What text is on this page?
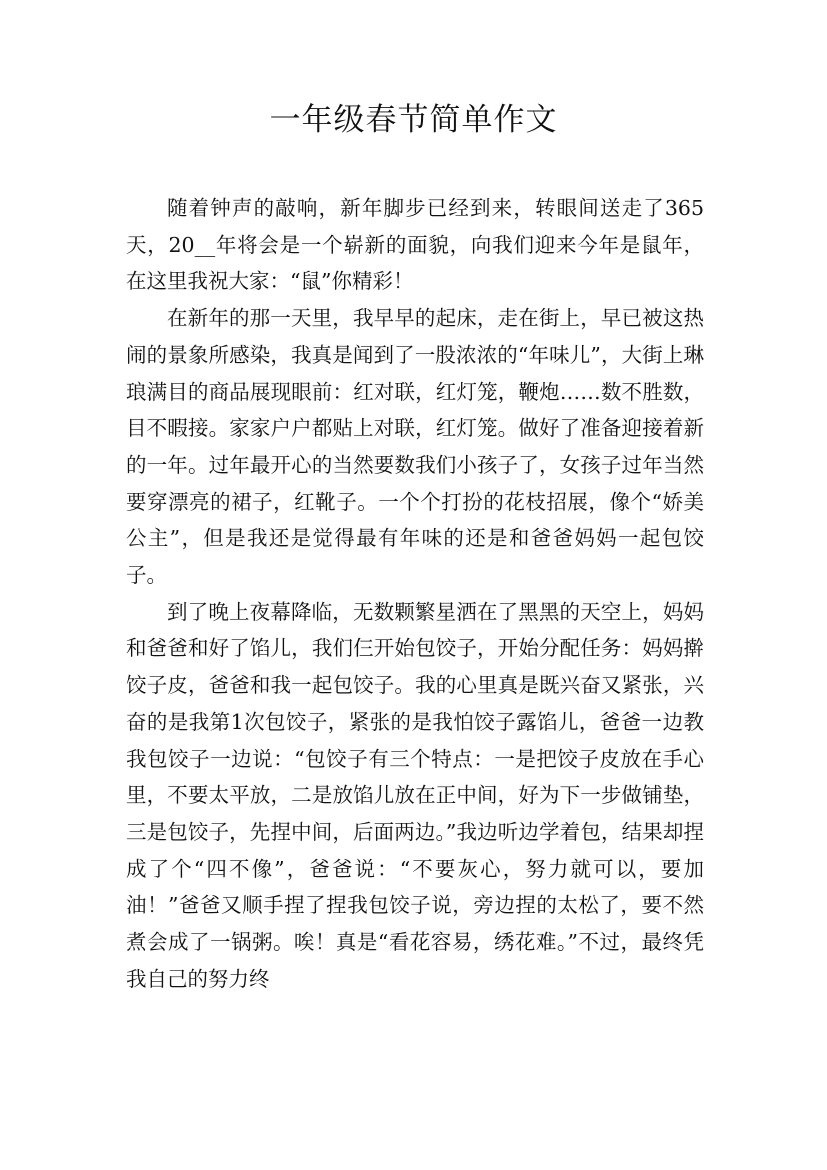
一年级春节简单作文

随着钟声的敲响，新年脚步已经到来，转眼间送走了365天，20__年将会是一个崭新的面貌，向我们迎来今年是鼠年，在这里我祝大家：“鼠”你精彩！

在新年的那一天里，我早早的起床，走在街上，早已被这热闹的景象所感染，我真是闻到了一股浓浓的“年味儿”，大街上琳琅满目的商品展现眼前：红对联，红灯笼，鞭炮……数不胜数，目不暇接。家家户户都贴上对联，红灯笼。做好了准备迎接着新的一年。过年最开心的当然要数我们小孩子了，女孩子过年当然要穿漂亮的裙子，红靴子。一个个打扮的花枝招展，像个“娇美公主”，但是我还是觉得最有年味的还是和爸爸妈妈一起包饺子。

到了晚上夜幕降临，无数颗繁星洒在了黑黑的天空上，妈妈和爸爸和好了馅儿，我们仨开始包饺子，开始分配任务：妈妈擀饺子皮，爸爸和我一起包饺子。我的心里真是既兴奋又紧张，兴奋的是我第1次包饺子，紧张的是我怕饺子露馅儿，爸爸一边教我包饺子一边说：“包饺子有三个特点：一是把饺子皮放在手心里，不要太平放，二是放馅儿放在正中间，好为下一步做铺垫，三是包饺子，先捏中间，后面两边。”我边听边学着包，结果却捏成了个“四不像”，爸爸说：“不要灰心，努力就可以，要加油！”爸爸又顺手捏了捏我包饺子说，旁边捏的太松了，要不然煮会成了一锅粥。唉！真是“看花容易，绣花难。”不过，最终凭我自己的努力终
